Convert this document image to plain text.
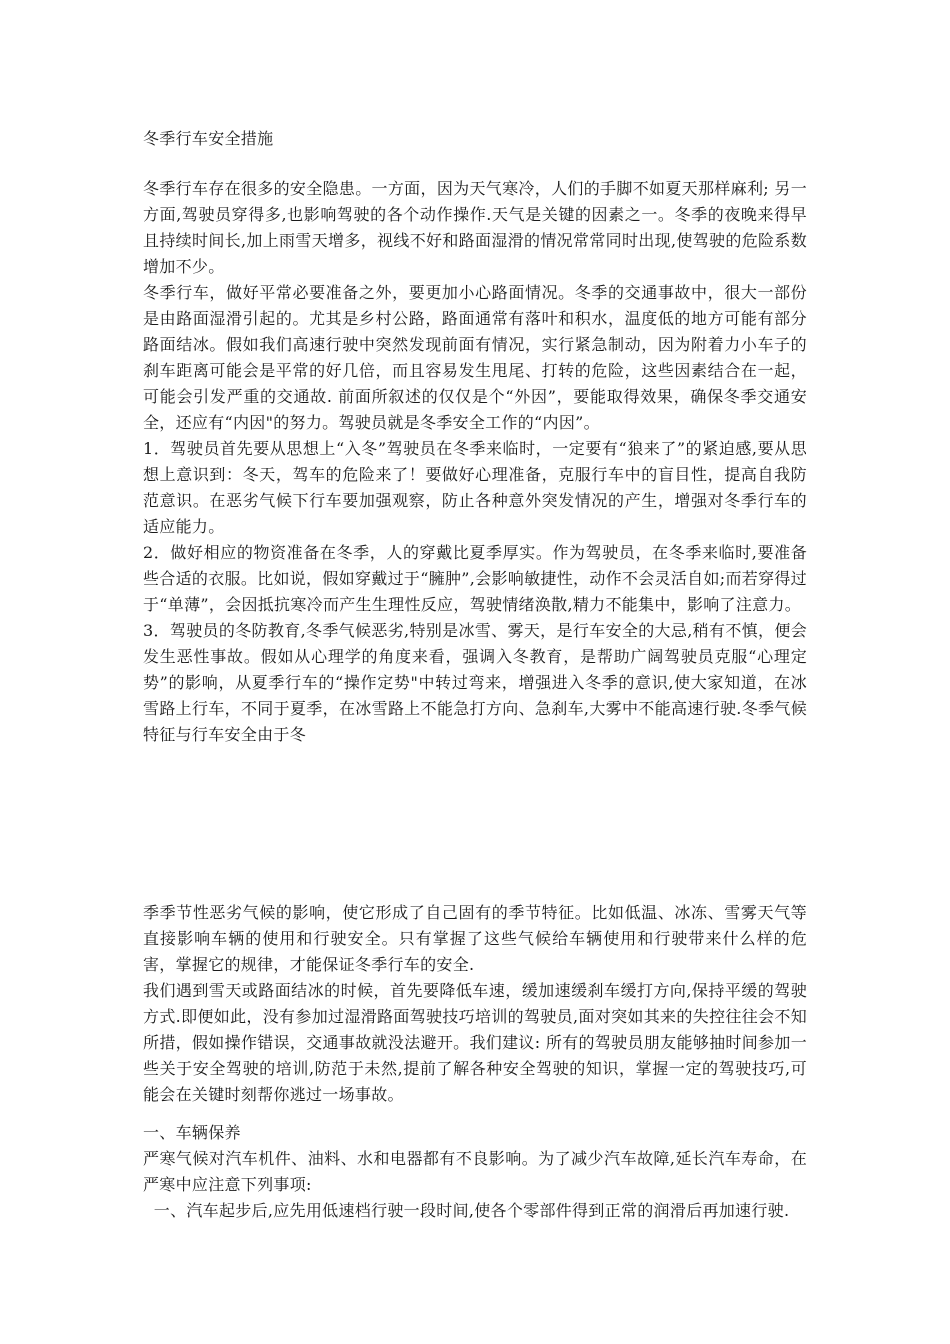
冬季行车安全措施

冬季行车存在很多的安全隐患。一方面，因为天气寒冷，人们的手脚不如夏天那样麻利; 另一方面,驾驶员穿得多,也影响驾驶的各个动作操作.天气是关键的因素之一。冬季的夜晚来得早且持续时间长,加上雨雪天增多，视线不好和路面湿滑的情况常常同时出现,使驾驶的危险系数增加不少。

冬季行车，做好平常必要准备之外，要更加小心路面情况。冬季的交通事故中，很大一部份是由路面湿滑引起的。尤其是乡村公路，路面通常有落叶和积水，温度低的地方可能有部分路面结冰。假如我们高速行驶中突然发现前面有情况，实行紧急制动，因为附着力小车子的刹车距离可能会是平常的好几倍，而且容易发生甩尾、打转的危险，这些因素结合在一起，可能会引发严重的交通故. 前面所叙述的仅仅是个“外因”，要能取得效果，确保冬季交通安全，还应有“内因"的努力。驾驶员就是冬季安全工作的“内因”。

1．驾驶员首先要从思想上“入冬”驾驶员在冬季来临时，一定要有“狼来了”的紧迫感,要从思想上意识到：冬天，驾车的危险来了！要做好心理准备，克服行车中的盲目性，提高自我防范意识。在恶劣气候下行车要加强观察，防止各种意外突发情况的产生，增强对冬季行车的适应能力。

2．做好相应的物资准备在冬季，人的穿戴比夏季厚实。作为驾驶员，在冬季来临时,要准备些合适的衣服。比如说，假如穿戴过于“臃肿”,会影响敏捷性，动作不会灵活自如;而若穿得过于“单薄”，会因抵抗寒冷而产生生理性反应，驾驶情绪涣散,精力不能集中，影响了注意力。

3．驾驶员的冬防教育,冬季气候恶劣,特别是冰雪、雾天，是行车安全的大忌,稍有不慎，便会发生恶性事故。假如从心理学的角度来看，强调入冬教育，是帮助广阔驾驶员克服“心理定势”的影响，从夏季行车的“操作定势"中转过弯来，增强进入冬季的意识,使大家知道，在冰雪路上行车，不同于夏季，在冰雪路上不能急打方向、急刹车,大雾中不能高速行驶.冬季气候特征与行车安全由于冬

季季节性恶劣气候的影响，使它形成了自己固有的季节特征。比如低温、冰冻、雪雾天气等直接影响车辆的使用和行驶安全。只有掌握了这些气候给车辆使用和行驶带来什么样的危害，掌握它的规律，才能保证冬季行车的安全.

我们遇到雪天或路面结冰的时候，首先要降低车速，缓加速缓刹车缓打方向,保持平缓的驾驶方式.即便如此，没有参加过湿滑路面驾驶技巧培训的驾驶员,面对突如其来的失控往往会不知所措，假如操作错误，交通事故就没法避开。我们建议: 所有的驾驶员朋友能够抽时间参加一些关于安全驾驶的培训,防范于未然,提前了解各种安全驾驶的知识，掌握一定的驾驶技巧,可能会在关键时刻帮你逃过一场事故。

一、车辆保养

严寒气候对汽车机件、油料、水和电器都有不良影响。为了减少汽车故障,延长汽车寿命，在严寒中应注意下列事项:

一、汽车起步后,应先用低速档行驶一段时间,使各个零部件得到正常的润滑后再加速行驶.
